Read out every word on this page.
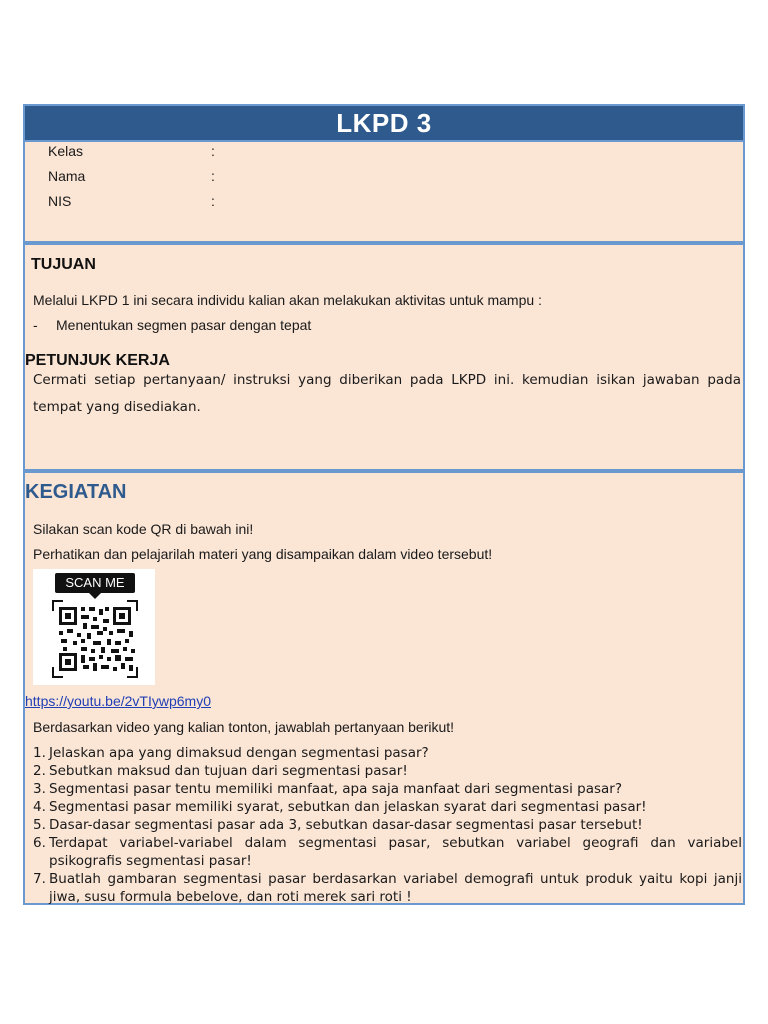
LKPD 3
Kelas	:
Nama	:
NIS	:
TUJUAN
Melalui LKPD 1 ini secara individu kalian akan melakukan aktivitas untuk mampu :
- Menentukan segmen pasar dengan tepat
PETUNJUK KERJA
Cermati setiap pertanyaan/ instruksi yang diberikan pada LKPD ini. kemudian isikan jawaban pada
tempat yang disediakan.
KEGIATAN
Silakan scan kode QR di bawah ini!
Perhatikan dan pelajarilah materi yang disampaikan dalam video tersebut!
SCAN ME
https://youtu.be/2vTIywp6my0
Berdasarkan video yang kalian tonton, jawablah pertanyaan berikut!
1. Jelaskan apa yang dimaksud dengan segmentasi pasar?
2. Sebutkan maksud dan tujuan dari segmentasi pasar!
3. Segmentasi pasar tentu memiliki manfaat, apa saja manfaat dari segmentasi pasar?
4. Segmentasi pasar memiliki syarat, sebutkan dan jelaskan syarat dari segmentasi pasar!
5. Dasar-dasar segmentasi pasar ada 3, sebutkan dasar-dasar segmentasi pasar tersebut!
6. Terdapat variabel-variabel dalam segmentasi pasar, sebutkan variabel geografi dan variabel psikografis segmentasi pasar!
7. Buatlah gambaran segmentasi pasar berdasarkan variabel demografi untuk produk yaitu kopi janji jiwa, susu formula bebelove, dan roti merek sari roti !
